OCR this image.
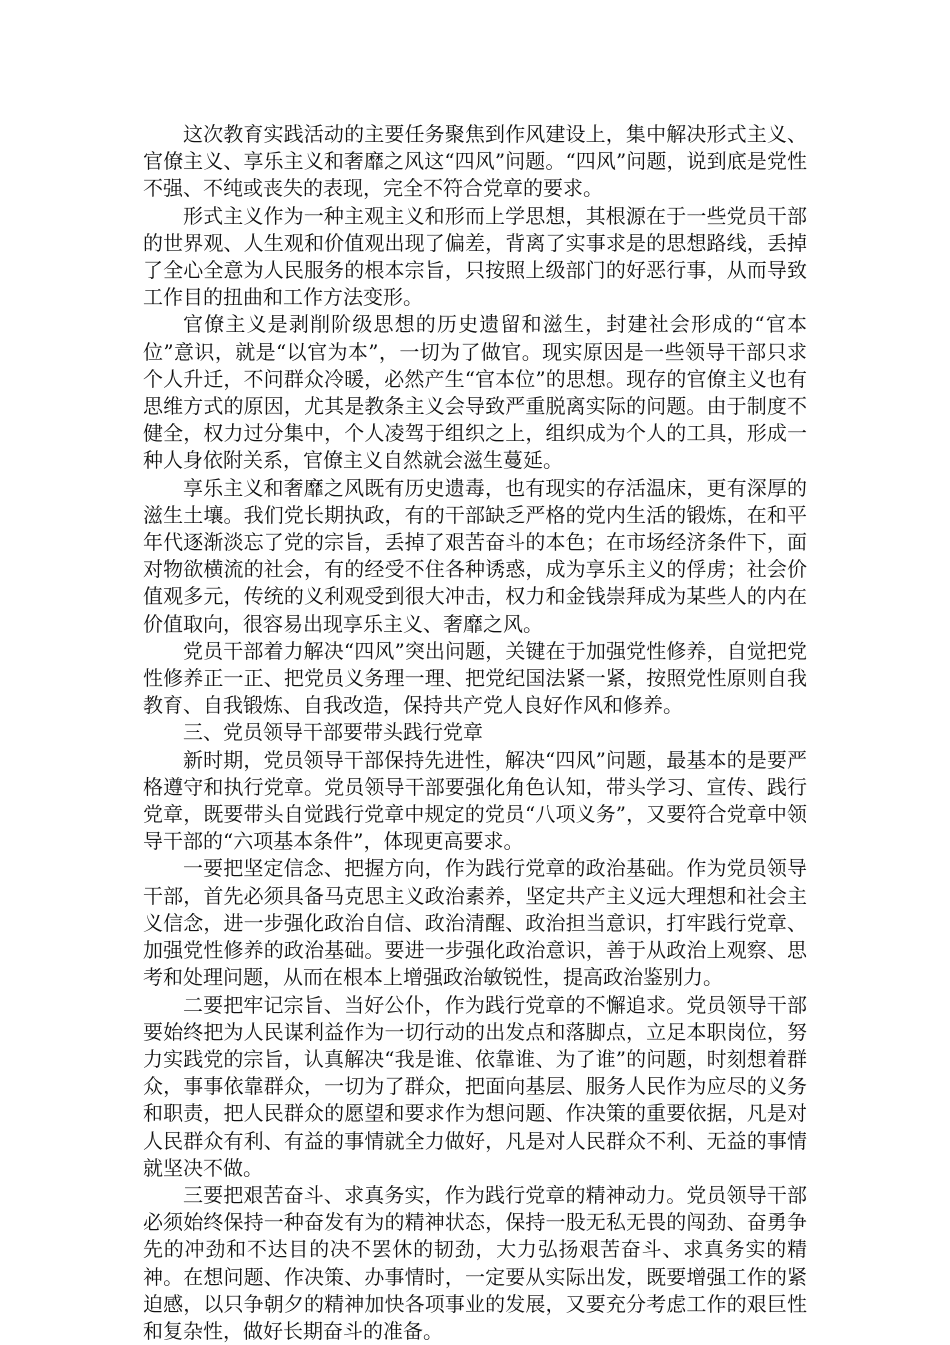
这次教育实践活动的主要任务聚焦到作风建设上，集中解决形式主义、官僚主义、享乐主义和奢靡之风这“四风”问题。“四风”问题，说到底是党性不强、不纯或丧失的表现，完全不符合党章的要求。

形式主义作为一种主观主义和形而上学思想，其根源在于一些党员干部的世界观、人生观和价值观出现了偏差，背离了实事求是的思想路线，丢掉了全心全意为人民服务的根本宗旨，只按照上级部门的好恶行事，从而导致工作目的扭曲和工作方法变形。

官僚主义是剥削阶级思想的历史遗留和滋生，封建社会形成的“官本位”意识，就是“以官为本”，一切为了做官。现实原因是一些领导干部只求个人升迁，不问群众冷暖，必然产生“官本位”的思想。现存的官僚主义也有思维方式的原因，尤其是教条主义会导致严重脱离实际的问题。由于制度不健全，权力过分集中，个人凌驾于组织之上，组织成为个人的工具，形成一种人身依附关系，官僚主义自然就会滋生蔓延。

享乐主义和奢靡之风既有历史遗毒，也有现实的存活温床，更有深厚的滋生土壤。我们党长期执政，有的干部缺乏严格的党内生活的锻炼，在和平年代逐渐淡忘了党的宗旨，丢掉了艰苦奋斗的本色；在市场经济条件下，面对物欲横流的社会，有的经受不住各种诱惑，成为享乐主义的俘虏；社会价值观多元，传统的义利观受到很大冲击，权力和金钱崇拜成为某些人的内在价值取向，很容易出现享乐主义、奢靡之风。

党员干部着力解决“四风”突出问题，关键在于加强党性修养，自觉把党性修养正一正、把党员义务理一理、把党纪国法紧一紧，按照党性原则自我教育、自我锻炼、自我改造，保持共产党人良好作风和修养。

三、党员领导干部要带头践行党章

新时期，党员领导干部保持先进性，解决“四风”问题，最基本的是要严格遵守和执行党章。党员领导干部要强化角色认知，带头学习、宣传、践行党章，既要带头自觉践行党章中规定的党员“八项义务”，又要符合党章中领导干部的“六项基本条件”，体现更高要求。

一要把坚定信念、把握方向，作为践行党章的政治基础。作为党员领导干部，首先必须具备马克思主义政治素养，坚定共产主义远大理想和社会主义信念，进一步强化政治自信、政治清醒、政治担当意识，打牢践行党章、加强党性修养的政治基础。要进一步强化政治意识，善于从政治上观察、思考和处理问题，从而在根本上增强政治敏锐性，提高政治鉴别力。

二要把牢记宗旨、当好公仆，作为践行党章的不懈追求。党员领导干部要始终把为人民谋利益作为一切行动的出发点和落脚点，立足本职岗位，努力实践党的宗旨，认真解决“我是谁、依靠谁、为了谁”的问题，时刻想着群众，事事依靠群众，一切为了群众，把面向基层、服务人民作为应尽的义务和职责，把人民群众的愿望和要求作为想问题、作决策的重要依据，凡是对人民群众有利、有益的事情就全力做好，凡是对人民群众不利、无益的事情就坚决不做。

三要把艰苦奋斗、求真务实，作为践行党章的精神动力。党员领导干部必须始终保持一种奋发有为的精神状态，保持一股无私无畏的闯劲、奋勇争先的冲劲和不达目的决不罢休的韧劲，大力弘扬艰苦奋斗、求真务实的精神。在想问题、作决策、办事情时，一定要从实际出发，既要增强工作的紧迫感，以只争朝夕的精神加快各项事业的发展，又要充分考虑工作的艰巨性和复杂性，做好长期奋斗的准备。
